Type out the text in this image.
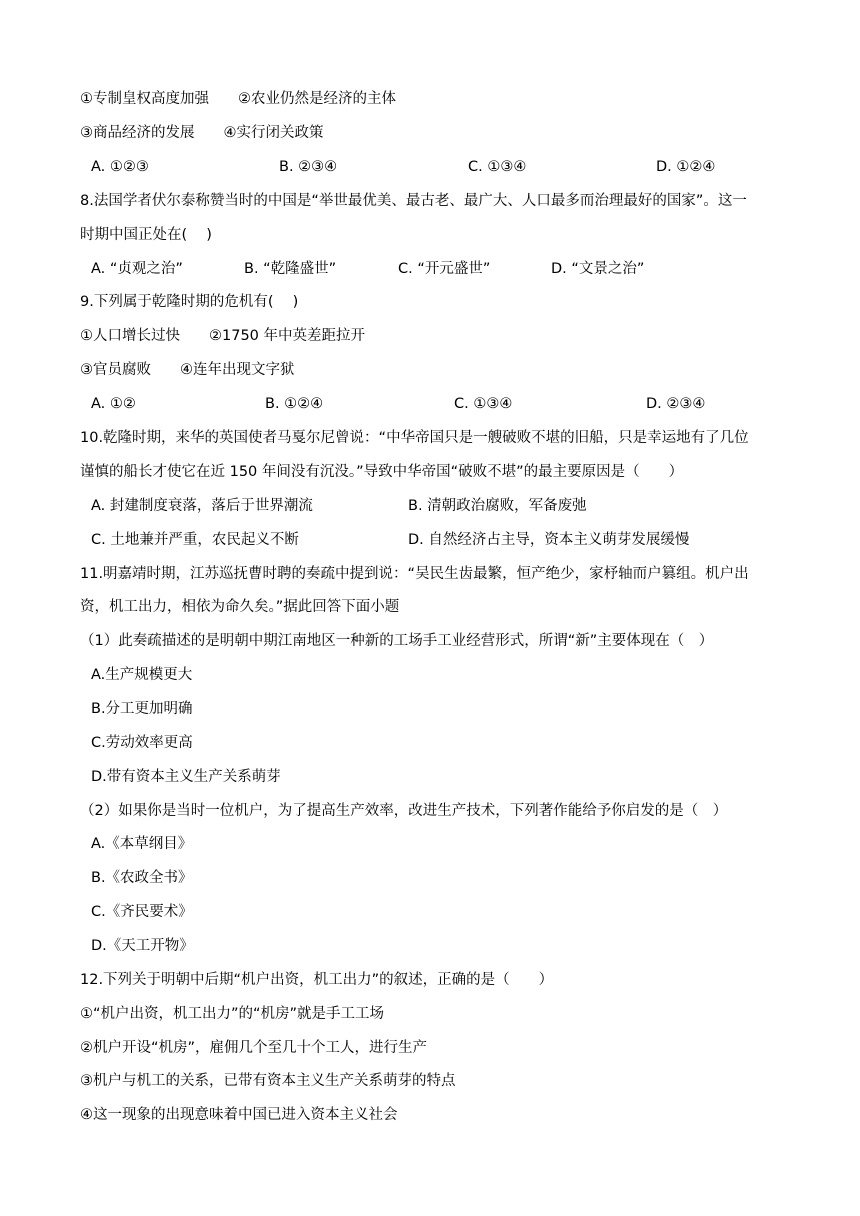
①专制皇权高度加强　　②农业仍然是经济的主体
③商品经济的发展　　④实行闭关政策
A. ①②③	B. ②③④	C. ①③④	D. ①②④
8.法国学者伏尔泰称赞当时的中国是“举世最优美、最古老、最广大、人口最多而治理最好的国家”。这一
时期中国正处在(　 )
A. “贞观之治”	B. “乾隆盛世”	C. “开元盛世”	D. “文景之治”
9.下列属于乾隆时期的危机有(　 )
①人口增长过快　　②1750 年中英差距拉开
③官员腐败　　④连年出现文字狱
A. ①②	B. ①②④	C. ①③④	D. ②③④
10.乾隆时期，来华的英国使者马戛尔尼曾说：“中华帝国只是一艘破败不堪的旧船，只是幸运地有了几位
谨慎的船长才使它在近 150 年间没有沉没。”导致中华帝国“破败不堪”的最主要原因是（　　）
A. 封建制度衰落，落后于世界潮流	B. 清朝政治腐败，军备废弛
C. 土地兼并严重，农民起义不断	D. 自然经济占主导，资本主义萌芽发展缓慢
11.明嘉靖时期，江苏巡抚曹时聘的奏疏中提到说：“吴民生齿最繁，恒产绝少，家杼轴而户篡组。机户出
资，机工出力，相依为命久矣。”据此回答下面小题
（1）此奏疏描述的是明朝中期江南地区一种新的工场手工业经营形式，所谓“新”主要体现在（　）
A.生产规模更大
B.分工更加明确
C.劳动效率更高
D.带有资本主义生产关系萌芽
（2）如果你是当时一位机户，为了提高生产效率，改进生产技术，下列著作能给予你启发的是（　）
A.《本草纲目》
B.《农政全书》
C.《齐民要术》
D.《天工开物》
12.下列关于明朝中后期“机户出资，机工出力”的叙述，正确的是（　　）
①“机户出资，机工出力”的“机房”就是手工工场
②机户开设“机房”，雇佣几个至几十个工人，进行生产
③机户与机工的关系，已带有资本主义生产关系萌芽的特点
④这一现象的出现意味着中国已进入资本主义社会
